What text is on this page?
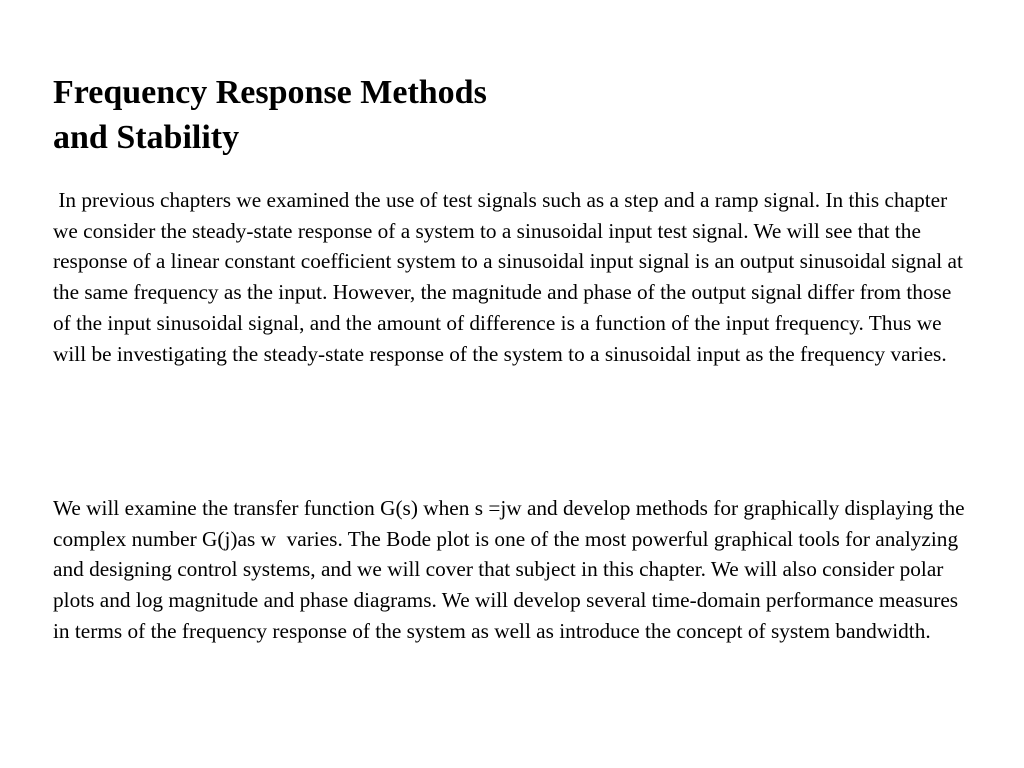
Frequency Response Methods
and Stability

In previous chapters we examined the use of test signals such as a step and a ramp signal. In this chapter we consider the steady-state response of a system to a sinusoidal input test signal. We will see that the response of a linear constant coefficient system to a sinusoidal input signal is an output sinusoidal signal at the same frequency as the input. However, the magnitude and phase of the output signal differ from those of the input sinusoidal signal, and the amount of difference is a function of the input frequency. Thus we will be investigating the steady-state response of the system to a sinusoidal input as the frequency varies.

We will examine the transfer function G(s) when s =jw and develop methods for graphically displaying the complex number G(j)as w  varies. The Bode plot is one of the most powerful graphical tools for analyzing and designing control systems, and we will cover that subject in this chapter. We will also consider polar plots and log magnitude and phase diagrams. We will develop several time-domain performance measures in terms of the frequency response of the system as well as introduce the concept of system bandwidth.
